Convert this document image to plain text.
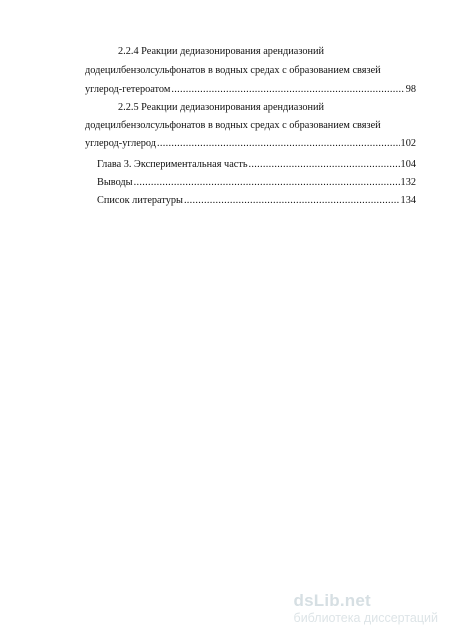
2.2.4 Реакции дедиазонирования арендиазоний
додецилбензолсульфонатов в водных средах с образованием связей
углерод-гетероатом .....	98
2.2.5 Реакции дедиазонирования арендиазоний
додецилбензолсульфонатов в водных средах с образованием связей
углерод-углерод .....	102
Глава 3. Экспериментальная часть .....	104
Выводы .....	132
Список литературы .....	134
dsLib.net
библиотека диссертаций
